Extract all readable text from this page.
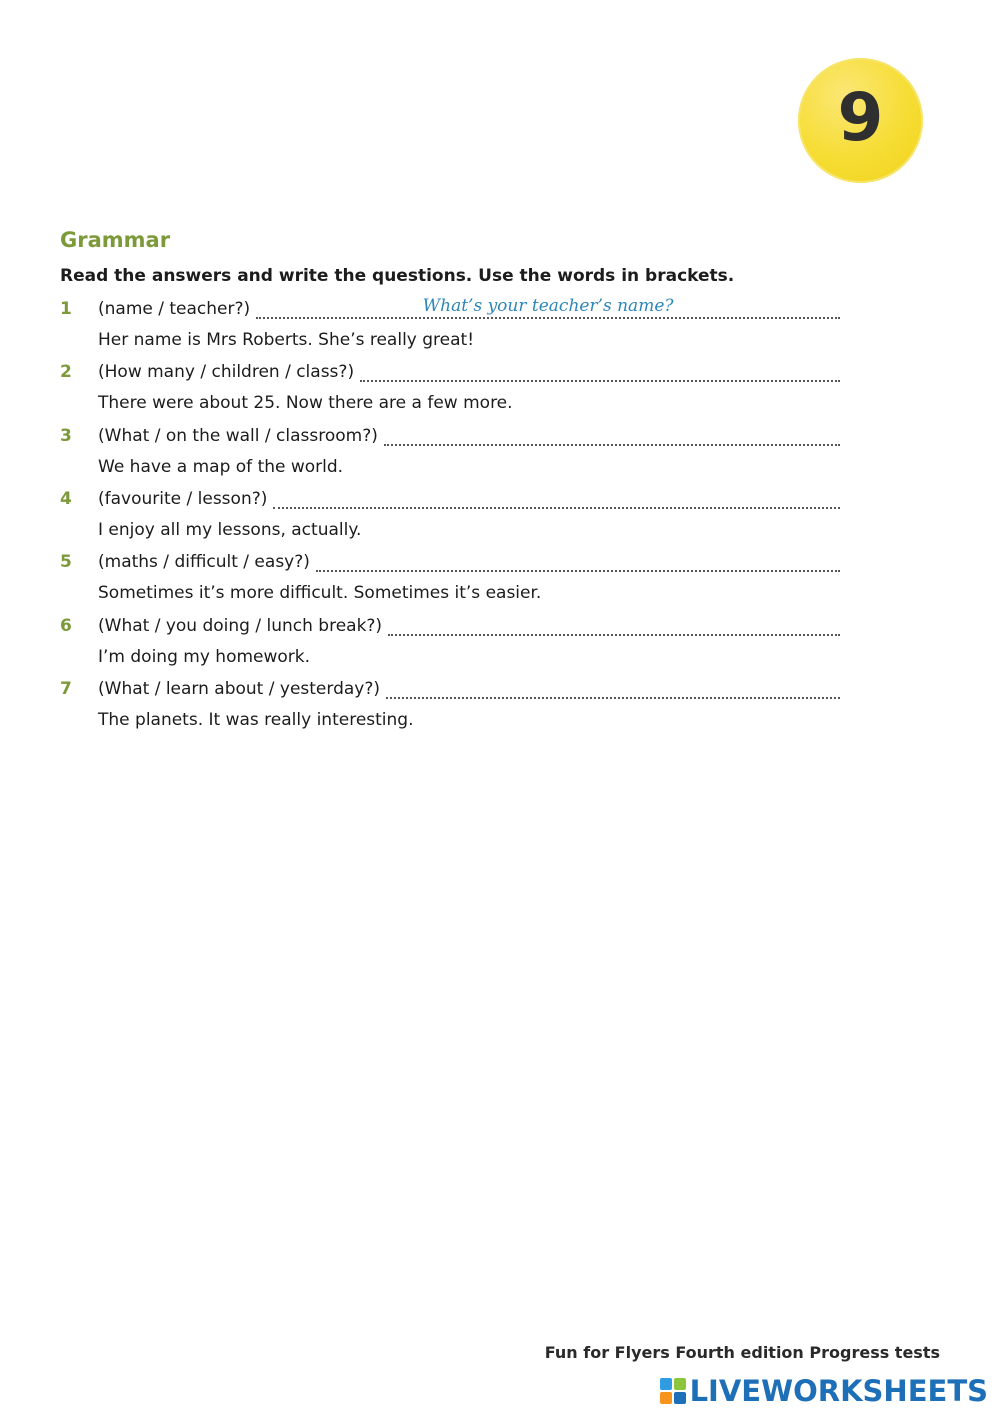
9
Grammar

Read the answers and write the questions. Use the words in brackets.

1 (name / teacher?)	What’s your teacher’s name?
Her name is Mrs Roberts. She’s really great!
2 (How many / children / class?)
There were about 25. Now there are a few more.
3 (What / on the wall / classroom?)
We have a map of the world.
4 (favourite / lesson?)
I enjoy all my lessons, actually.
5 (maths / difficult / easy?)
Sometimes it’s more difficult. Sometimes it’s easier.
6 (What / you doing / lunch break?)
I’m doing my homework.
7 (What / learn about / yesterday?)
The planets. It was really interesting.
Fun for Flyers Fourth edition Progress tests
LIVEWORKSHEETS
